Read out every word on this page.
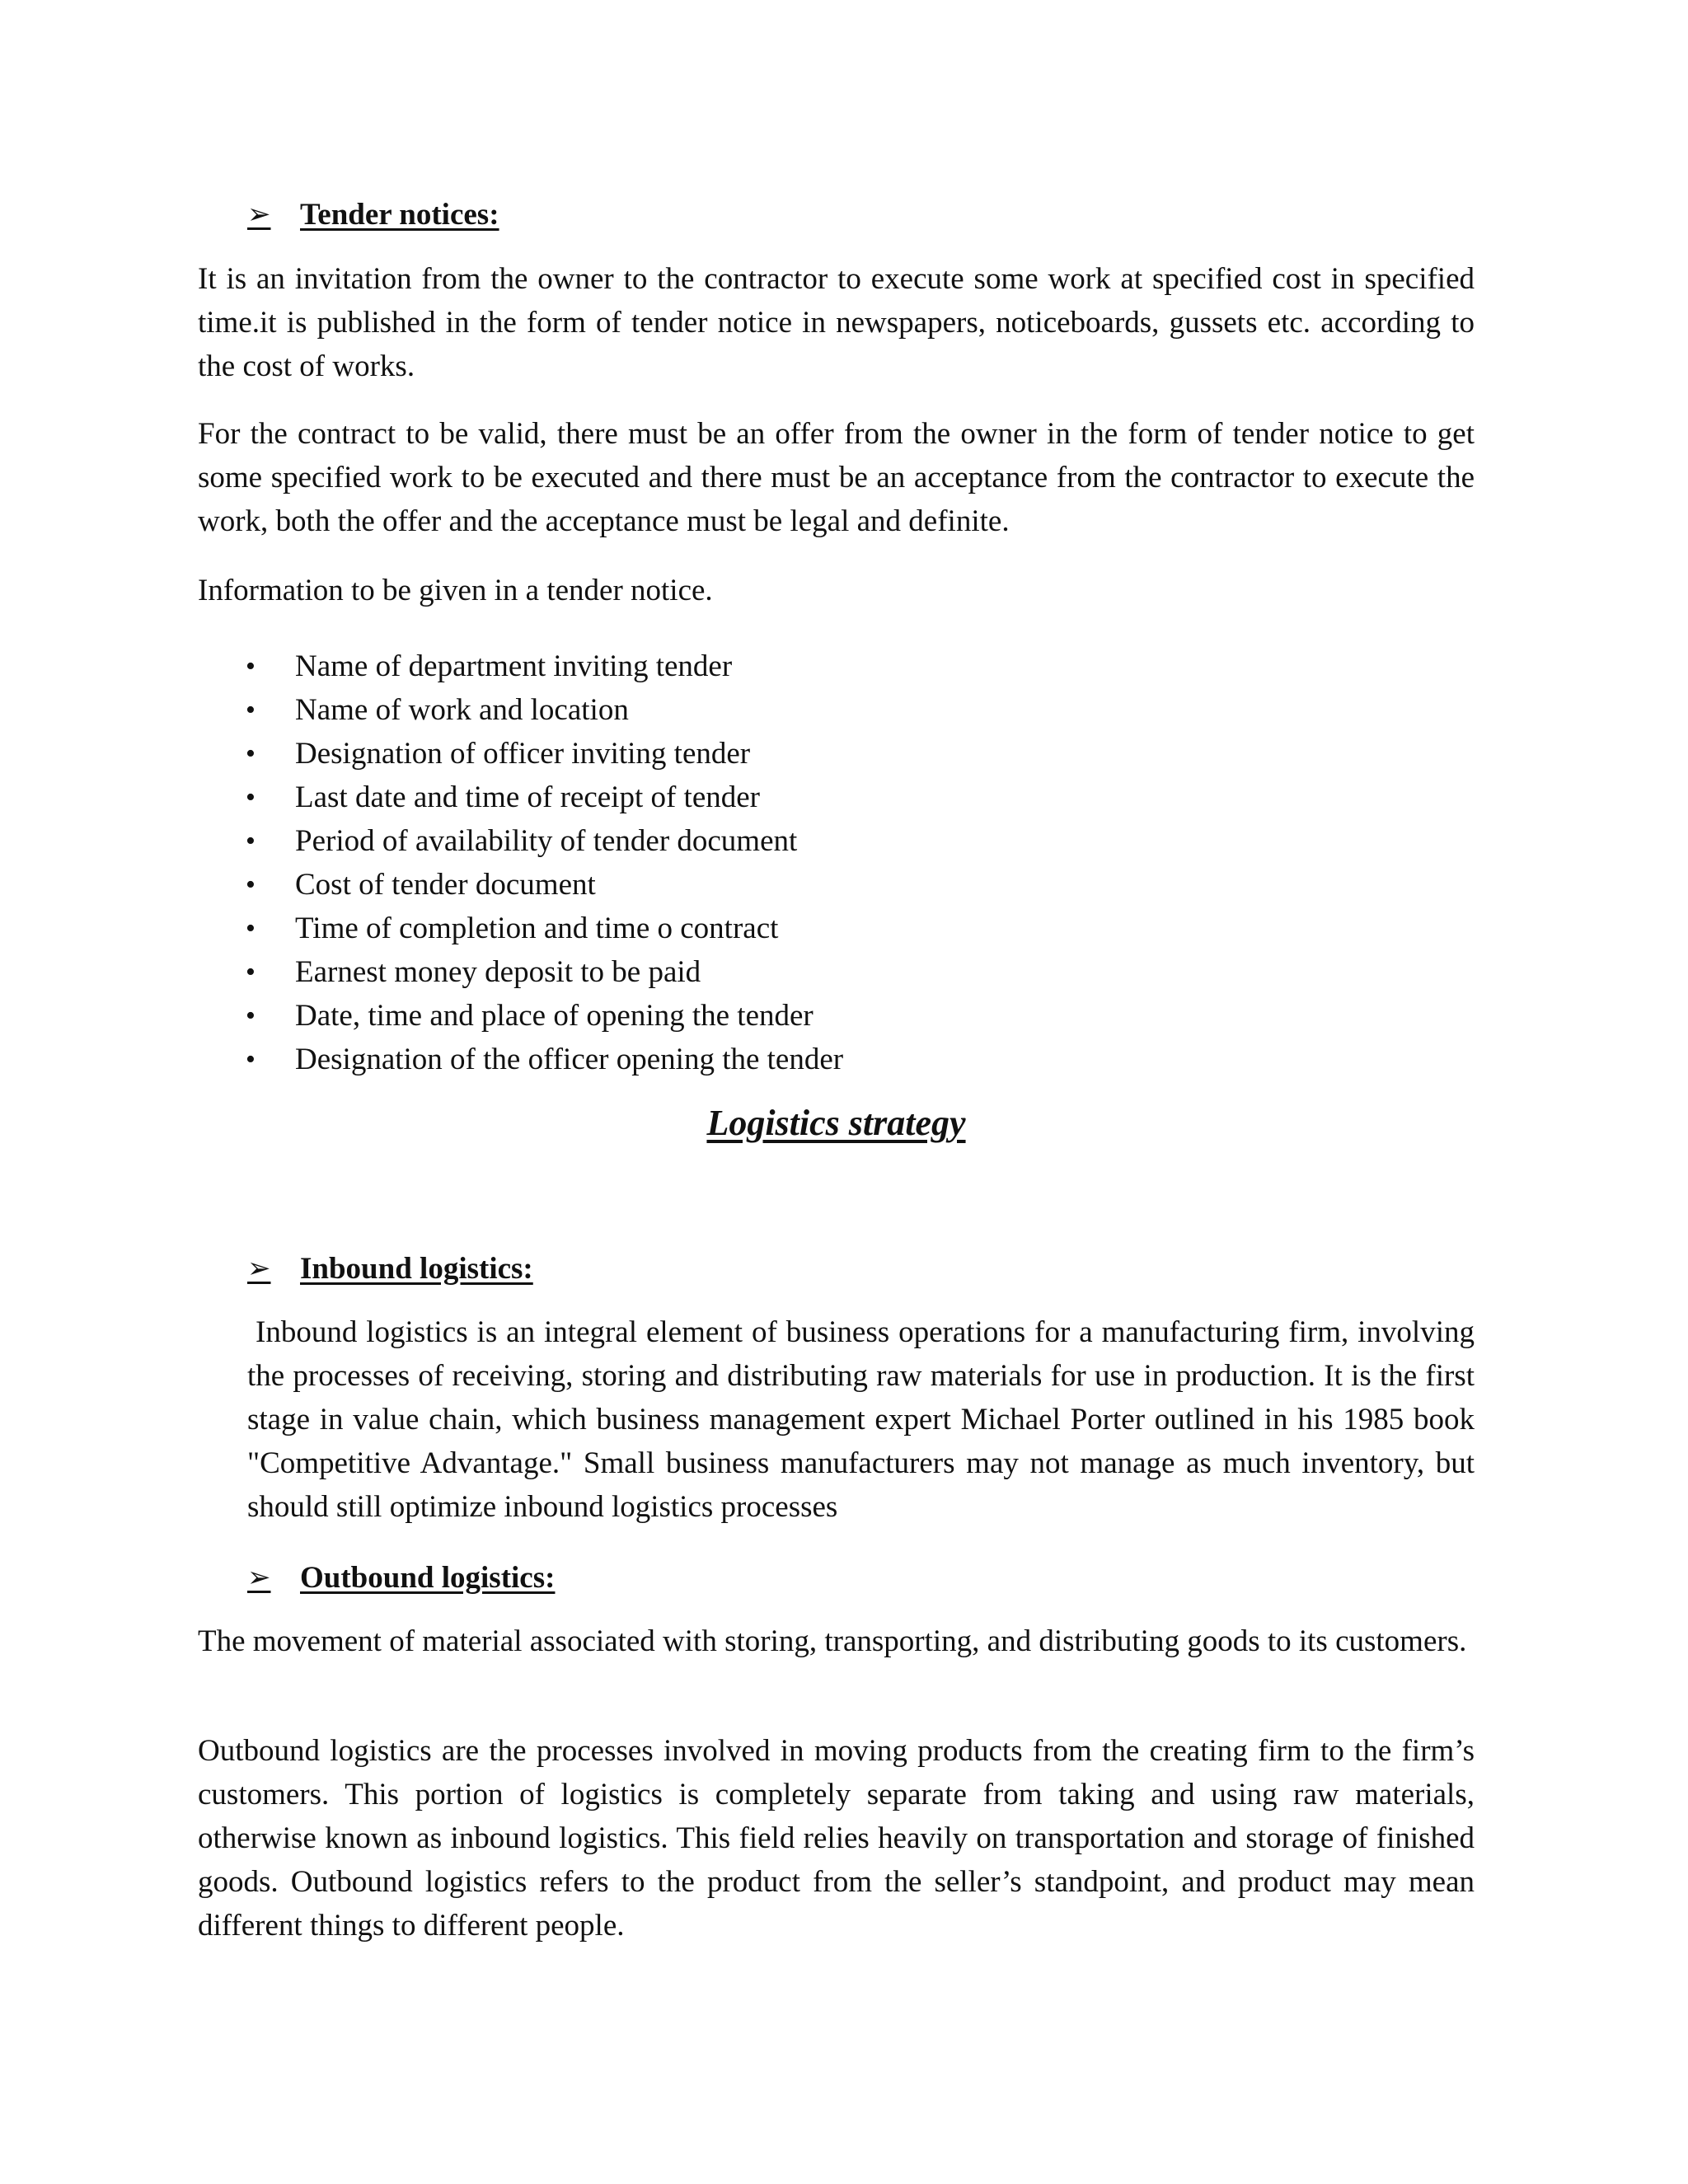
➢ Tender notices:

It is an invitation from the owner to the contractor to execute some work at specified cost in specified time.it is published in the form of tender notice in newspapers, noticeboards, gussets etc. according to the cost of works.

For the contract to be valid, there must be an offer from the owner in the form of tender notice to get some specified work to be executed and there must be an acceptance from the contractor to execute the work, both the offer and the acceptance must be legal and definite.

Information to be given in a tender notice.

• Name of department inviting tender
• Name of work and location
• Designation of officer inviting tender
• Last date and time of receipt of tender
• Period of availability of tender document
• Cost of tender document
• Time of completion and time o contract
• Earnest money deposit to be paid
• Date, time and place of opening the tender
• Designation of the officer opening the tender
Logistics strategy
➢ Inbound logistics:

Inbound logistics is an integral element of business operations for a manufacturing firm, involving the processes of receiving, storing and distributing raw materials for use in production. It is the first stage in value chain, which business management expert Michael Porter outlined in his 1985 book "Competitive Advantage." Small business manufacturers may not manage as much inventory, but should still optimize inbound logistics processes

➢ Outbound logistics:

The movement of material associated with storing, transporting, and distributing goods to its customers.

Outbound logistics are the processes involved in moving products from the creating firm to the firm’s customers. This portion of logistics is completely separate from taking and using raw materials, otherwise known as inbound logistics. This field relies heavily on transportation and storage of finished goods. Outbound logistics refers to the product from the seller’s standpoint, and product may mean different things to different people.
